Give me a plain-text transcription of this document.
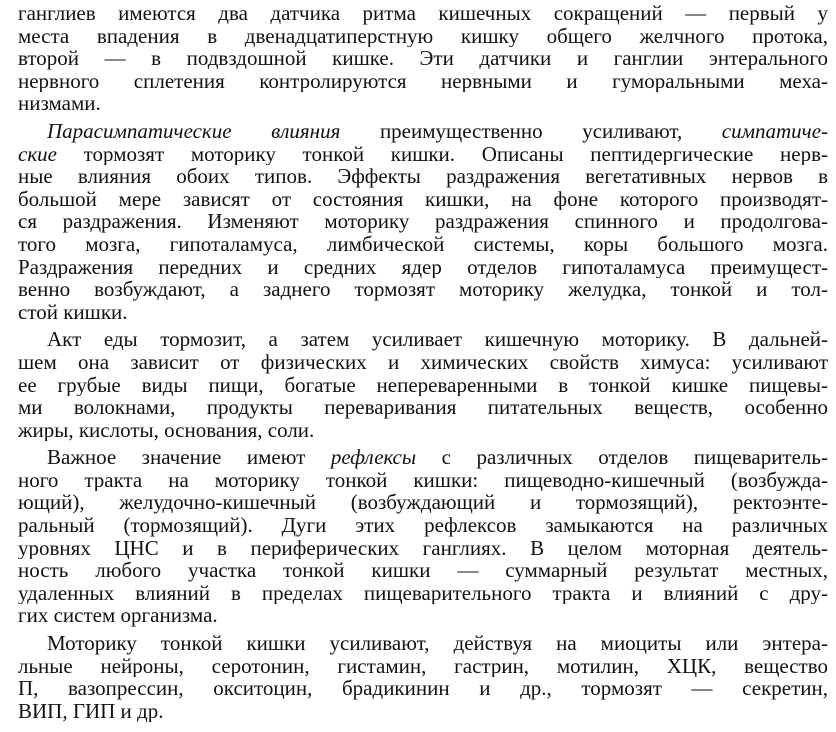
ганглиев имеются два датчика ритма кишечных сокращений — первый у
места впадения в двенадцатиперстную кишку общего желчного протока,
второй — в подвздошной кишке. Эти датчики и ганглии энтерального
нервного сплетения контролируются нервными и гуморальными меха-
низмами.
Парасимпатические влияния преимущественно усиливают, симпатиче-
ские тормозят моторику тонкой кишки. Описаны пептидергические нерв-
ные влияния обоих типов. Эффекты раздражения вегетативных нервов в
большой мере зависят от состояния кишки, на фоне которого производят-
ся раздражения. Изменяют моторику раздражения спинного и продолгова-
того мозга, гипоталамуса, лимбической системы, коры большого мозга.
Раздражения передних и средних ядер отделов гипоталамуса преимущест-
венно возбуждают, а заднего тормозят моторику желудка, тонкой и тол-
стой кишки.
Акт еды тормозит, а затем усиливает кишечную моторику. В дальней-
шем она зависит от физических и химических свойств химуса: усиливают
ее грубые виды пищи, богатые непереваренными в тонкой кишке пищевы-
ми волокнами, продукты переваривания питательных веществ, особенно
жиры, кислоты, основания, соли.
Важное значение имеют рефлексы с различных отделов пищеваритель-
ного тракта на моторику тонкой кишки: пищеводно-кишечный (возбужда-
ющий), желудочно-кишечный (возбуждающий и тормозящий), ректоэнте-
ральный (тормозящий). Дуги этих рефлексов замыкаются на различных
уровнях ЦНС и в периферических ганглиях. В целом моторная деятель-
ность любого участка тонкой кишки — суммарный результат местных,
удаленных влияний в пределах пищеварительного тракта и влияний с дру-
гих систем организма.
Моторику тонкой кишки усиливают, действуя на миоциты или энтера-
льные нейроны, серотонин, гистамин, гастрин, мотилин, ХЦК, вещество
П, вазопрессин, окситоцин, брадикинин и др., тормозят — секретин,
ВИП, ГИП и др.
